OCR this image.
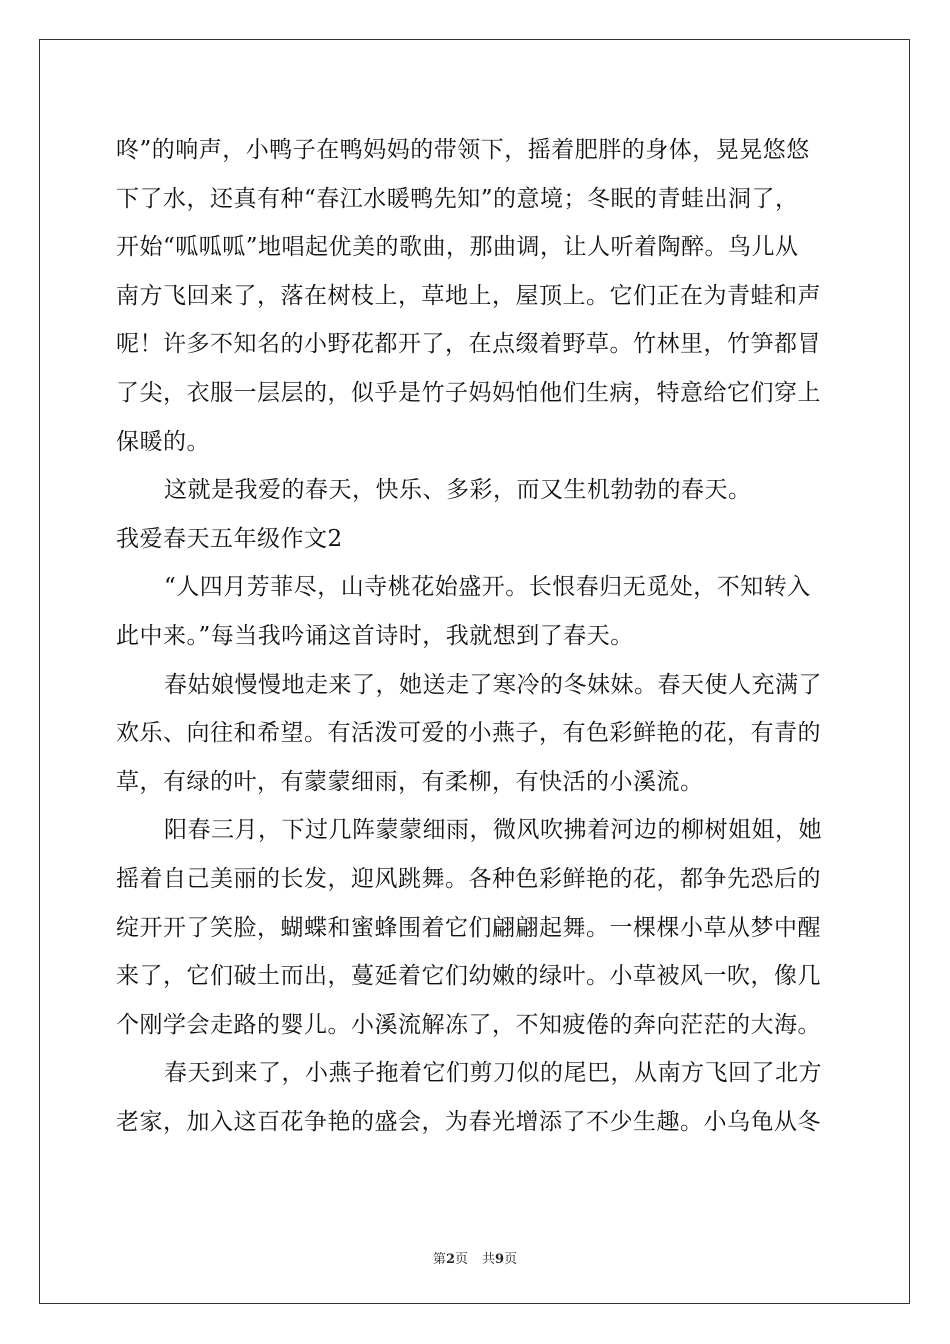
咚”的响声，小鸭子在鸭妈妈的带领下，摇着肥胖的身体，晃晃悠悠
下了水，还真有种“春江水暖鸭先知”的意境；冬眠的青蛙出洞了，
开始“呱呱呱”地唱起优美的歌曲，那曲调，让人听着陶醉。鸟儿从
南方飞回来了，落在树枝上，草地上，屋顶上。它们正在为青蛙和声
呢！许多不知名的小野花都开了，在点缀着野草。竹林里，竹笋都冒
了尖，衣服一层层的，似乎是竹子妈妈怕他们生病，特意给它们穿上
保暖的。
这就是我爱的春天，快乐、多彩，而又生机勃勃的春天。
我爱春天五年级作文2
“人四月芳菲尽，山寺桃花始盛开。长恨春归无觅处，不知转入
此中来。”每当我吟诵这首诗时，我就想到了春天。
春姑娘慢慢地走来了，她送走了寒冷的冬妹妹。春天使人充满了
欢乐、向往和希望。有活泼可爱的小燕子，有色彩鲜艳的花，有青的
草，有绿的叶，有蒙蒙细雨，有柔柳，有快活的小溪流。
阳春三月，下过几阵蒙蒙细雨，微风吹拂着河边的柳树姐姐，她
摇着自己美丽的长发，迎风跳舞。各种色彩鲜艳的花，都争先恐后的
绽开开了笑脸，蝴蝶和蜜蜂围着它们翩翩起舞。一棵棵小草从梦中醒
来了，它们破土而出，蔓延着它们幼嫩的绿叶。小草被风一吹，像几
个刚学会走路的婴儿。小溪流解冻了，不知疲倦的奔向茫茫的大海。
春天到来了，小燕子拖着它们剪刀似的尾巴，从南方飞回了北方
老家，加入这百花争艳的盛会，为春光增添了不少生趣。小乌龟从冬
第2页 共9页
